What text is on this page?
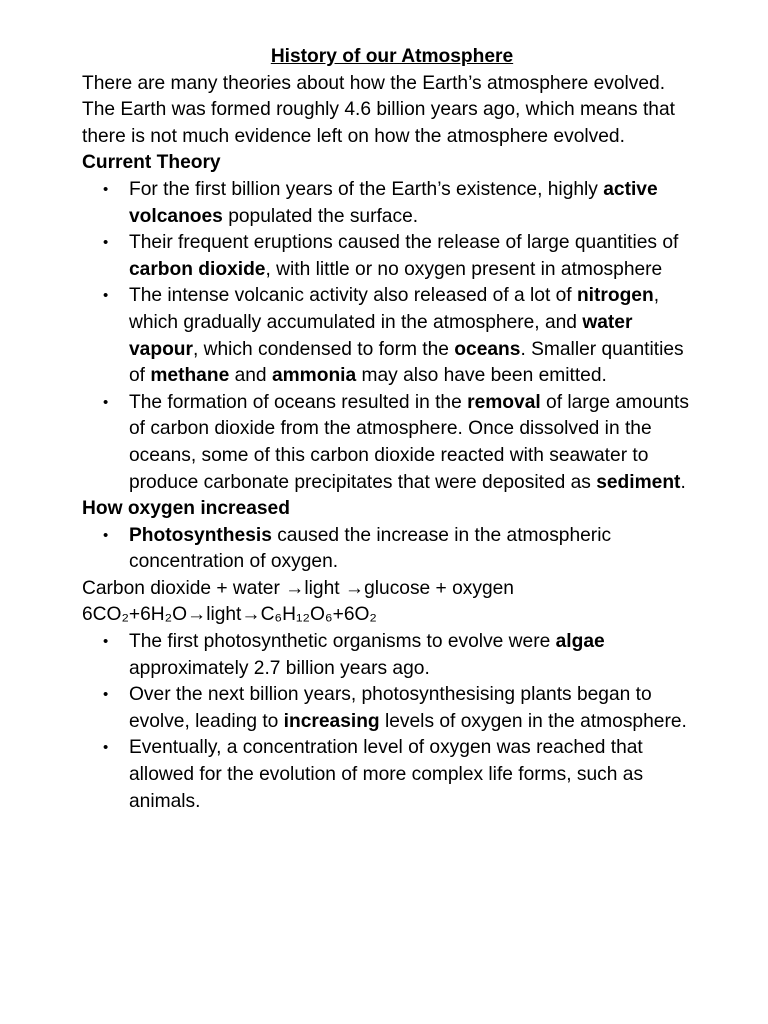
History of our Atmosphere

There are many theories about how the Earth’s atmosphere evolved. The Earth was formed roughly 4.6 billion years ago, which means that there is not much evidence left on how the atmosphere evolved.

Current Theory

• For the first billion years of the Earth’s existence, highly active volcanoes populated the surface.
• Their frequent eruptions caused the release of large quantities of carbon dioxide, with little or no oxygen present in atmosphere
• The intense volcanic activity also released of a lot of nitrogen, which gradually accumulated in the atmosphere, and water vapour, which condensed to form the oceans. Smaller quantities of methane and ammonia may also have been emitted.
• The formation of oceans resulted in the removal of large amounts of carbon dioxide from the atmosphere. Once dissolved in the oceans, some of this carbon dioxide reacted with seawater to produce carbonate precipitates that were deposited as sediment.

How oxygen increased

• Photosynthesis caused the increase in the atmospheric concentration of oxygen.

Carbon dioxide + water →light →glucose + oxygen

6CO₂+6H₂O→light→C₆H₁₂O₆+6O₂

• The first photosynthetic organisms to evolve were algae approximately 2.7 billion years ago.
• Over the next billion years, photosynthesising plants began to evolve, leading to increasing levels of oxygen in the atmosphere.
• Eventually, a concentration level of oxygen was reached that allowed for the evolution of more complex life forms, such as animals.
